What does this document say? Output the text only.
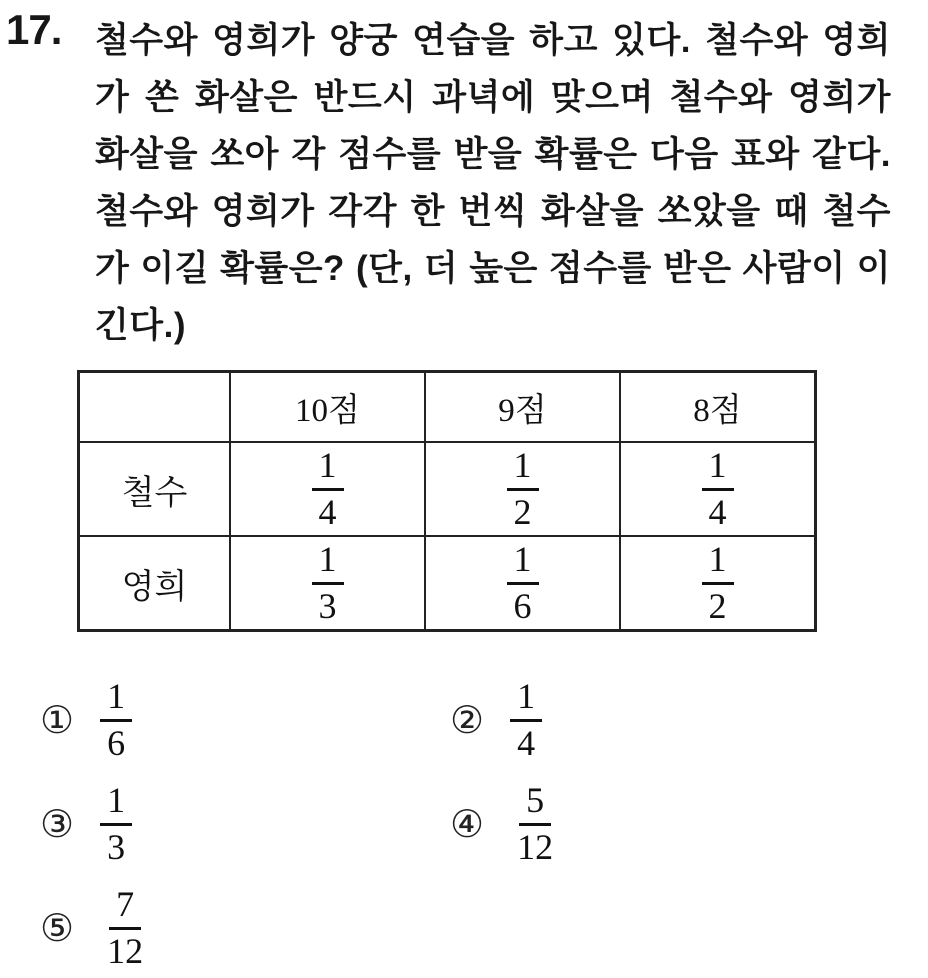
17. 철수와 영희가 양궁 연습을 하고 있다. 철수와 영희가 쏜 화살은 반드시 과녁에 맞으며 철수와 영희가 화살을 쏘아 각 점수를 받을 확률은 다음 표와 같다. 철수와 영희가 각각 한 번씩 화살을 쏘았을 때 철수가 이길 확률은? (단, 더 높은 점수를 받은 사람이 이긴다.)

	10점	9점	8점
철수	$\frac{1}{4}$	$\frac{1}{2}$	$\frac{1}{4}$

영희	$\frac{1}{3}$	$\frac{1}{6}$	$\frac{1}{2}$
① $\frac{1}{6}$	② $\frac{1}{4}$
③ $\frac{1}{3}$	④ $\frac{5}{12}$
⑤ $\frac{7}{12}$
